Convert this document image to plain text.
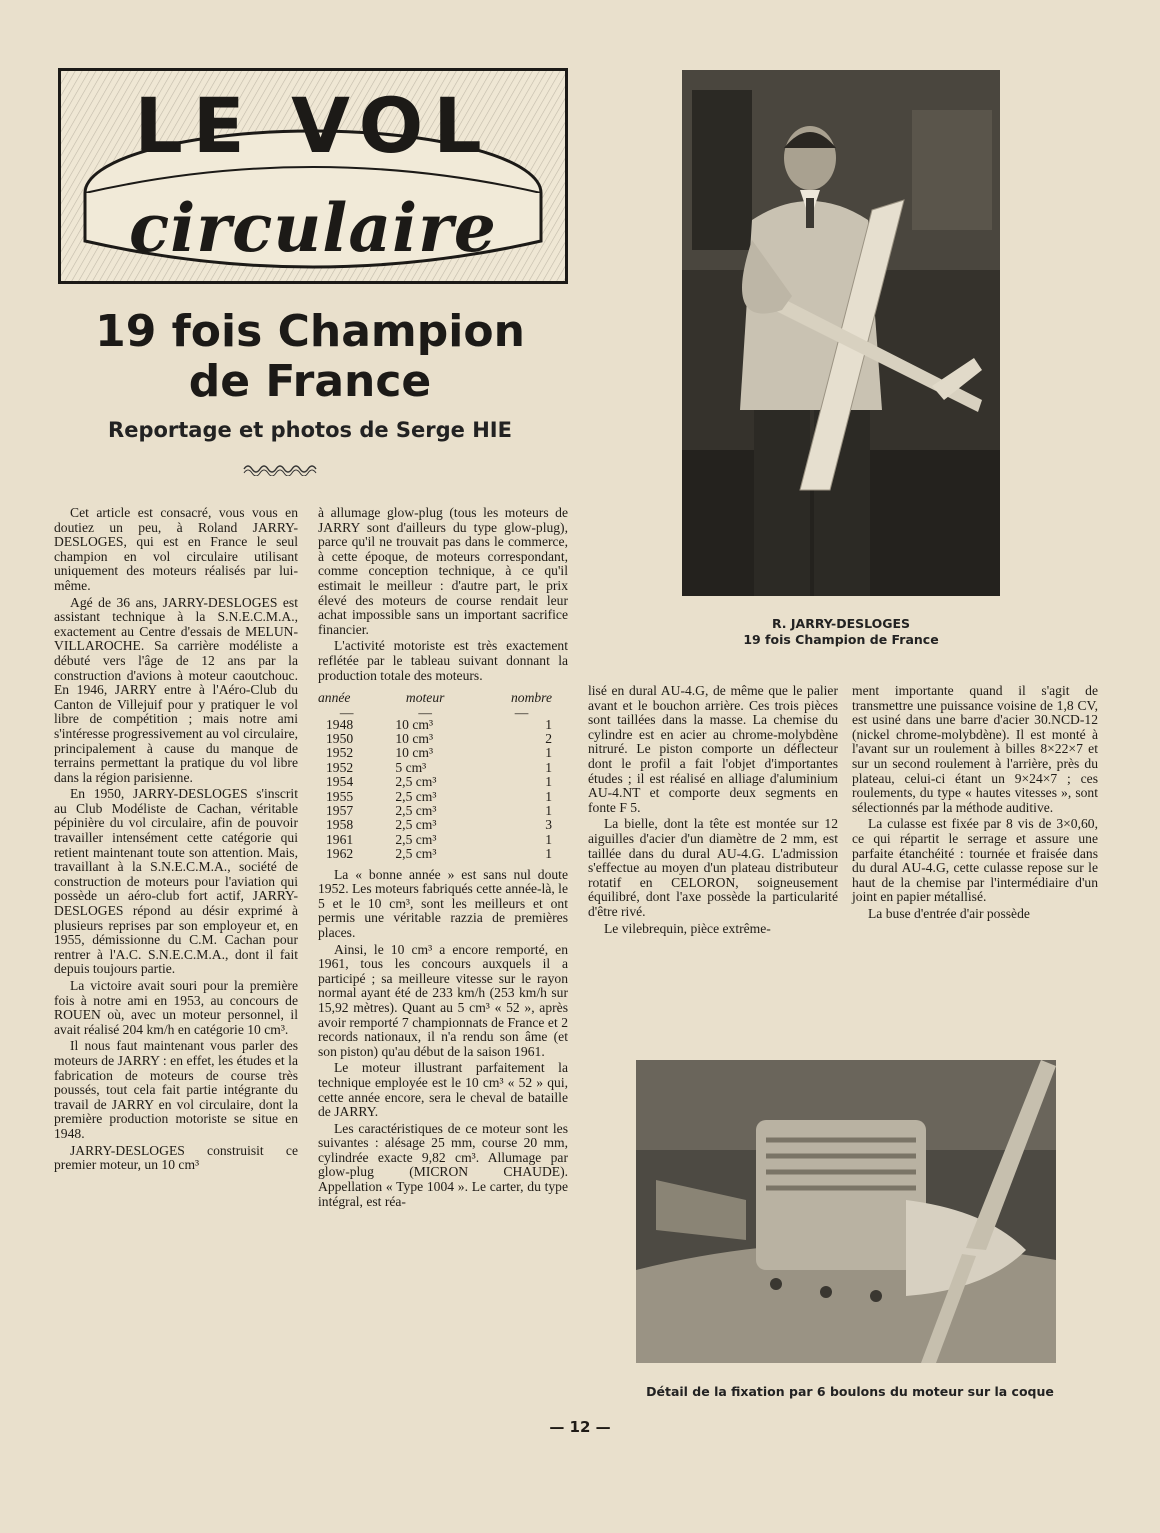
LE VOL
circulaire
19 fois Champion
de France
Reportage et photos de Serge HIE
R. JARRY-DESLOGES
19 fois Champion de France

Cet article est consacré, vous vous en doutiez un peu, à Roland JARRY-DESLOGES, qui est en France le seul champion en vol circulaire utilisant uniquement des moteurs réalisés par lui-même.

Agé de 36 ans, JARRY-DESLOGES est assistant technique à la S.N.E.C.M.A., exactement au Centre d'essais de MELUN-VILLAROCHE. Sa carrière modéliste a débuté vers l'âge de 12 ans par la construction d'avions à moteur caoutchouc. En 1946, JARRY entre à l'Aéro-Club du Canton de Villejuif pour y pratiquer le vol libre de compétition ; mais notre ami s'intéresse progressivement au vol circulaire, principalement à cause du manque de terrains permettant la pratique du vol libre dans la région parisienne.

En 1950, JARRY-DESLOGES s'inscrit au Club Modéliste de Cachan, véritable pépinière du vol circulaire, afin de pouvoir travailler intensément cette catégorie qui retient maintenant toute son attention. Mais, travaillant à la S.N.E.C.M.A., société de construction de moteurs pour l'aviation qui possède un aéro-club fort actif, JARRY-DESLOGES répond au désir exprimé à plusieurs reprises par son employeur et, en 1955, démissionne du C.M. Cachan pour rentrer à l'A.C. S.N.E.C.M.A., dont il fait depuis toujours partie.

La victoire avait souri pour la première fois à notre ami en 1953, au concours de ROUEN où, avec un moteur personnel, il avait réalisé 204 km/h en catégorie 10 cm³.

Il nous faut maintenant vous parler des moteurs de JARRY : en effet, les études et la fabrication de moteurs de course très poussés, tout cela fait partie intégrante du travail de JARRY en vol circulaire, dont la première production motoriste se situe en 1948.

JARRY-DESLOGES construisit ce premier moteur, un 10 cm³

à allumage glow-plug (tous les moteurs de JARRY sont d'ailleurs du type glow-plug), parce qu'il ne trouvait pas dans le commerce, à cette époque, de moteurs correspondant, comme conception technique, à ce qu'il estimait le meilleur : d'autre part, le prix élevé des moteurs de course rendait leur achat impossible sans un important sacrifice financier.

L'activité motoriste est très exactement reflétée par le tableau suivant donnant la production totale des moteurs.

année	moteur	nombre
—	—	—
1948	10 cm³	1
1950	10 cm³	2
1952	10 cm³	1
1952	5 cm³	1
1954	2,5 cm³	1
1955	2,5 cm³	1
1957	2,5 cm³	1
1958	2,5 cm³	3
1961	2,5 cm³	1
1962	2,5 cm³	1

La « bonne année » est sans nul doute 1952. Les moteurs fabriqués cette année-là, le 5 et le 10 cm³, sont les meilleurs et ont permis une véritable razzia de premières places.

Ainsi, le 10 cm³ a encore remporté, en 1961, tous les concours auxquels il a participé ; sa meilleure vitesse sur le rayon normal ayant été de 233 km/h (253 km/h sur 15,92 mètres). Quant au 5 cm³ « 52 », après avoir remporté 7 championnats de France et 2 records nationaux, il n'a rendu son âme (et son piston) qu'au début de la saison 1961.

Le moteur illustrant parfaitement la technique employée est le 10 cm³ « 52 » qui, cette année encore, sera le cheval de bataille de JARRY.

Les caractéristiques de ce moteur sont les suivantes : alésage 25 mm, course 20 mm, cylindrée exacte 9,82 cm³. Allumage par glow-plug (MICRON CHAUDE). Appellation « Type 1004 ». Le carter, du type intégral, est réa-

lisé en dural AU-4.G, de même que le palier avant et le bouchon arrière. Ces trois pièces sont taillées dans la masse. La chemise du cylindre est en acier au chrome-molybdène nitruré. Le piston comporte un déflecteur dont le profil a fait l'objet d'importantes études ; il est réalisé en alliage d'aluminium AU-4.NT et comporte deux segments en fonte F 5.

La bielle, dont la tête est montée sur 12 aiguilles d'acier d'un diamètre de 2 mm, est taillée dans du dural AU-4.G. L'admission s'effectue au moyen d'un plateau distributeur rotatif en CELORON, soigneusement équilibré, dont l'axe possède la particularité d'être rivé.

Le vilebrequin, pièce extrême-

ment importante quand il s'agit de transmettre une puissance voisine de 1,8 CV, est usiné dans une barre d'acier 30.NCD-12 (nickel chrome-molybdène). Il est monté à l'avant sur un roulement à billes 8×22×7 et sur un second roulement à l'arrière, près du plateau, celui-ci étant un 9×24×7 ; ces roulements, du type « hautes vitesses », sont sélectionnés par la méthode auditive.

La culasse est fixée par 8 vis de 3×0,60, ce qui répartit le serrage et assure une parfaite étanchéité : tournée et fraisée dans du dural AU-4.G, cette culasse repose sur le haut de la chemise par l'intermédiaire d'un joint en papier métallisé.

La buse d'entrée d'air possède

Détail de la fixation par 6 boulons du moteur sur la coque
— 12 —
